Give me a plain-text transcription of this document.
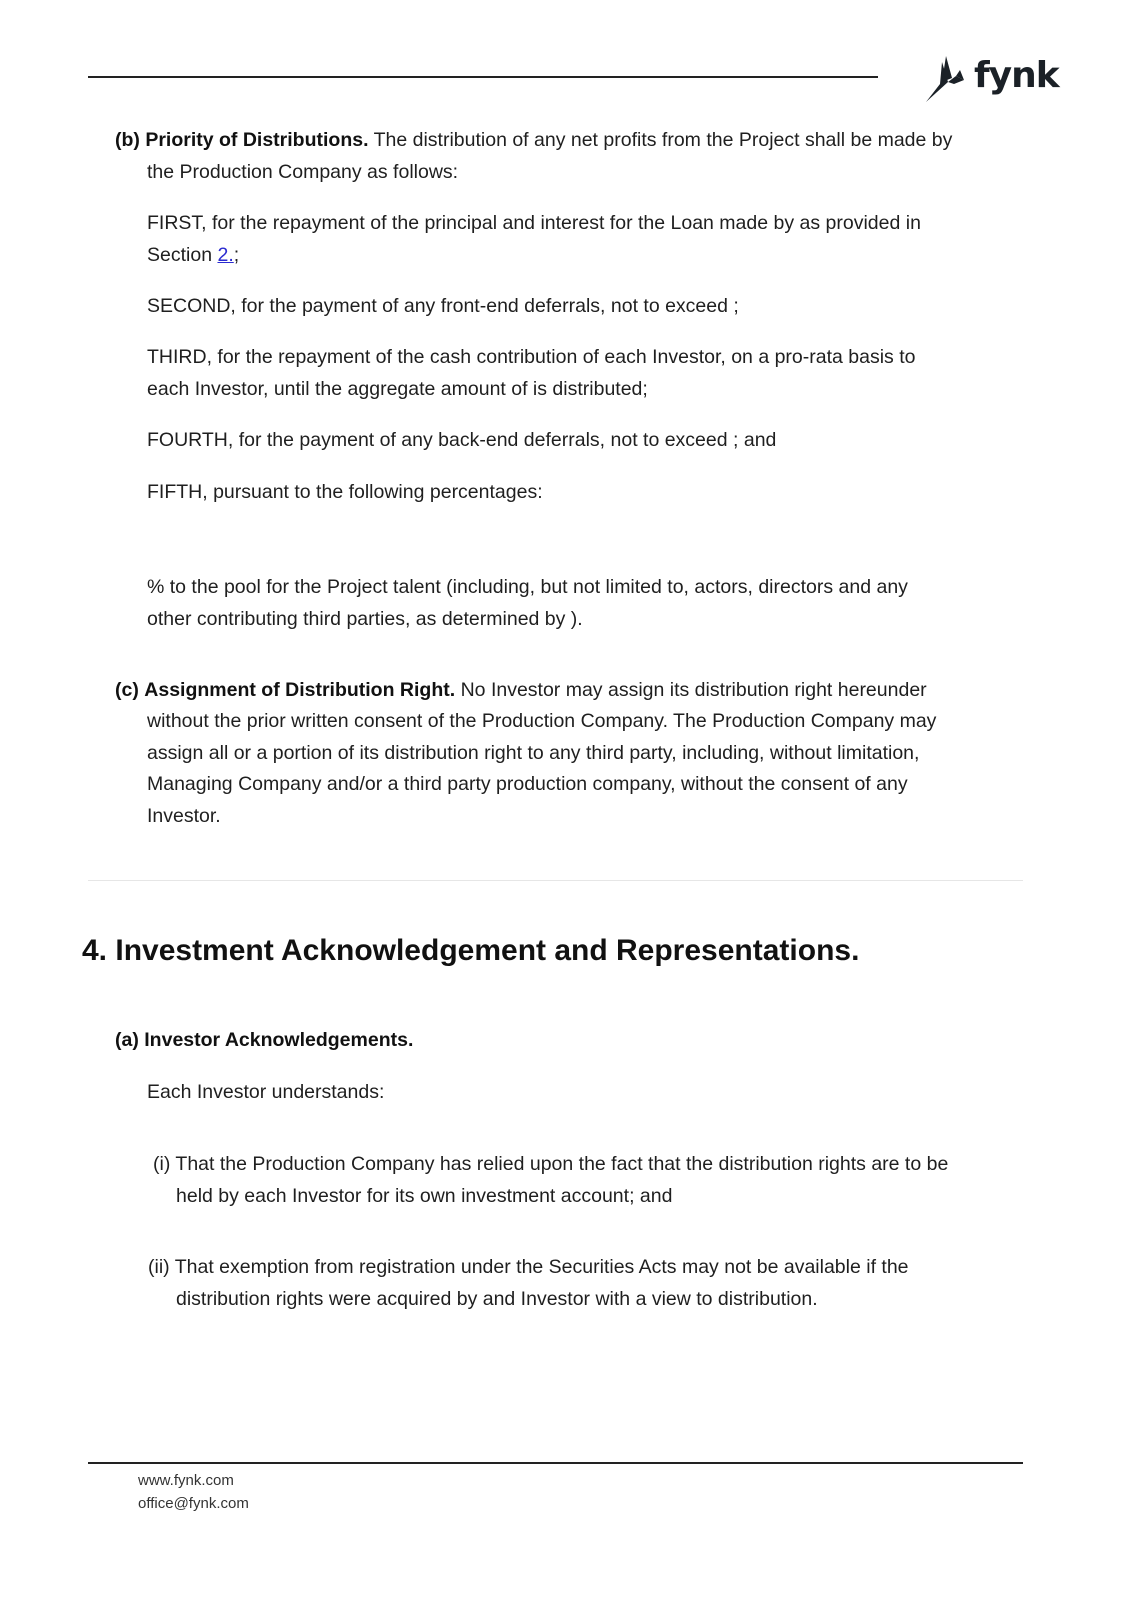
fynk
(b) Priority of Distributions. The distribution of any net profits from the Project shall be made by
the Production Company as follows:
FIRST, for the repayment of the principal and interest for the Loan made by as provided in
Section 2.;
SECOND, for the payment of any front-end deferrals, not to exceed ;
THIRD, for the repayment of the cash contribution of each Investor, on a pro-rata basis to
each Investor, until the aggregate amount of is distributed;
FOURTH, for the payment of any back-end deferrals, not to exceed ; and
FIFTH, pursuant to the following percentages:
% to the pool for the Project talent (including, but not limited to, actors, directors and any
other contributing third parties, as determined by ).
(c) Assignment of Distribution Right. No Investor may assign its distribution right hereunder
without the prior written consent of the Production Company. The Production Company may
assign all or a portion of its distribution right to any third party, including, without limitation,
Managing Company and/or a third party production company, without the consent of any
Investor.
4. Investment Acknowledgement and Representations.
(a) Investor Acknowledgements.
Each Investor understands:
(i) That the Production Company has relied upon the fact that the distribution rights are to be
held by each Investor for its own investment account; and
(ii) That exemption from registration under the Securities Acts may not be available if the
distribution rights were acquired by and Investor with a view to distribution.
www.fynk.com
office@fynk.com
